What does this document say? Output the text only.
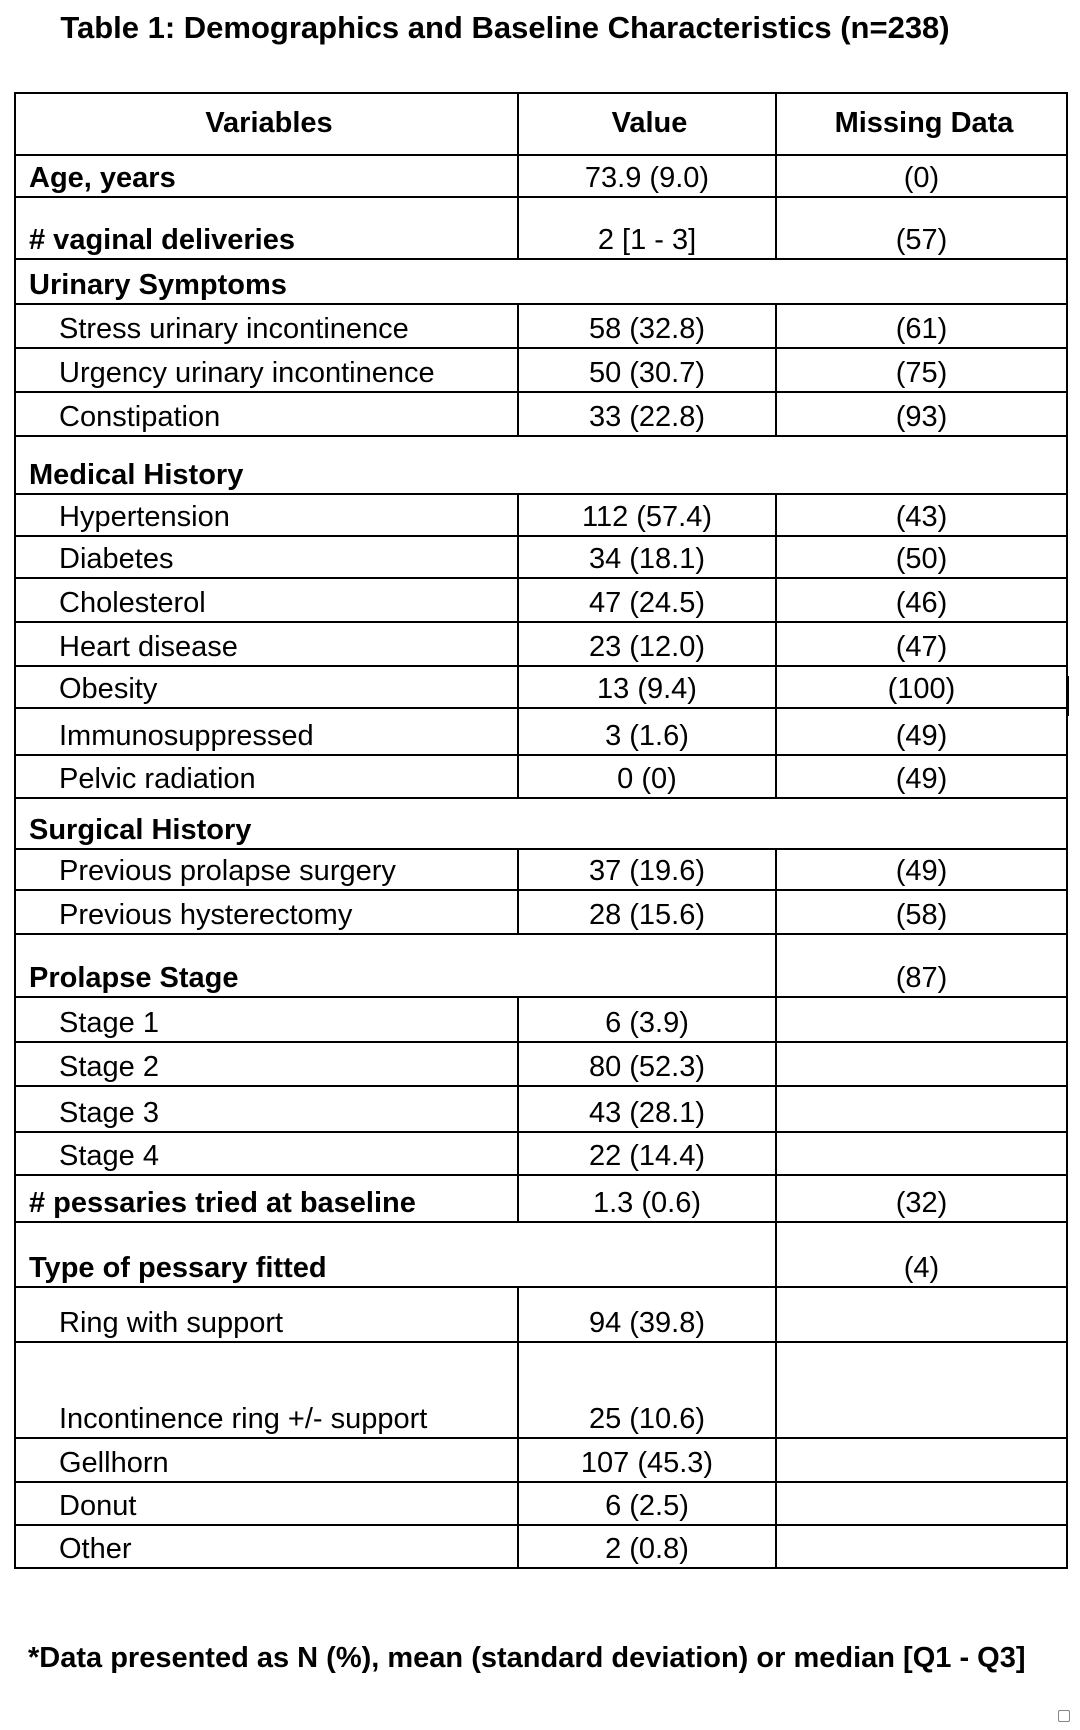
Table 1: Demographics and Baseline Characteristics (n=238)
Variables	Value	Missing Data
Age, years	73.9 (9.0)	(0)
# vaginal deliveries	2 [1 - 3]	(57)
Urinary Symptoms		
Stress urinary incontinence	58 (32.8)	(61)
Urgency urinary incontinence	50 (30.7)	(75)
Constipation	33 (22.8)	(93)
Medical History		
Hypertension	112 (57.4)	(43)
Diabetes	34 (18.1)	(50)
Cholesterol	47 (24.5)	(46)
Heart disease	23 (12.0)	(47)
Obesity	13 (9.4)	(100)
Immunosuppressed	3 (1.6)	(49)
Pelvic radiation	0 (0)	(49)
Surgical History		
Previous prolapse surgery	37 (19.6)	(49)
Previous hysterectomy	28 (15.6)	(58)
Prolapse Stage		(87)
Stage 1	6 (3.9)	
Stage 2	80 (52.3)	
Stage 3	43 (28.1)	
Stage 4	22 (14.4)	
# pessaries tried at baseline	1.3 (0.6)	(32)
Type of pessary fitted		(4)
Ring with support	94 (39.8)	
Incontinence ring +/- support	25 (10.6)	
Gellhorn	107 (45.3)	
Donut	6 (2.5)	
Other	2 (0.8)	
*Data presented as N (%), mean (standard deviation) or median [Q1 - Q3]
